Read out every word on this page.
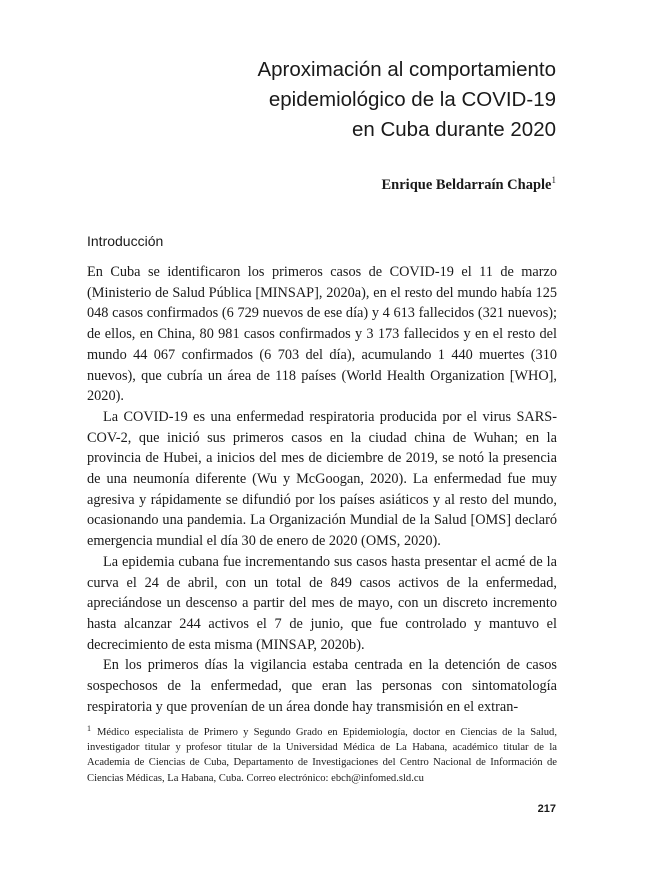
Aproximación al comportamiento
epidemiológico de la COVID-19
en Cuba durante 2020
Enrique Beldarraín Chaple$^1$
Introducción

En Cuba se identificaron los primeros casos de COVID-19 el 11 de marzo (Ministerio de Salud Pública [MINSAP], 2020a), en el resto del mundo había 125 048 casos confirmados (6 729 nuevos de ese día) y 4 613 fallecidos (321 nuevos); de ellos, en China, 80 981 casos confirmados y 3 173 fallecidos y en el resto del mundo 44 067 confirmados (6 703 del día), acumulando 1 440 muertes (310 nuevos), que cubría un área de 118 países (World Health Organization [WHO], 2020).

La COVID-19 es una enfermedad respiratoria producida por el virus SARS-COV-2, que inició sus primeros casos en la ciudad china de Wuhan; en la provincia de Hubei, a inicios del mes de diciembre de 2019, se notó la presencia de una neumonía diferente (Wu y McGoogan, 2020). La enfermedad fue muy agresiva y rápidamente se difundió por los países asiáticos y al resto del mundo, ocasionando una pandemia. La Organización Mundial de la Salud [OMS] declaró emergencia mundial el día 30 de enero de 2020 (OMS, 2020).

La epidemia cubana fue incrementando sus casos hasta presentar el acmé de la curva el 24 de abril, con un total de 849 casos activos de la enfermedad, apreciándose un descenso a partir del mes de mayo, con un discreto incremento hasta alcanzar 244 activos el 7 de junio, que fue controlado y mantuvo el decrecimiento de esta misma (MINSAP, 2020b).

En los primeros días la vigilancia estaba centrada en la detención de casos sospechosos de la enfermedad, que eran las personas con sintomatología respiratoria y que provenían de un área donde hay transmisión en el extran-

$^1$ Médico especialista de Primero y Segundo Grado en Epidemiología, doctor en Ciencias de la Salud, investigador titular y profesor titular de la Universidad Médica de La Habana, académico titular de la Academia de Ciencias de Cuba, Departamento de Investigaciones del Centro Nacional de Información de Ciencias Médicas, La Habana, Cuba. Correo electrónico: ebch@infomed.sld.cu
217
